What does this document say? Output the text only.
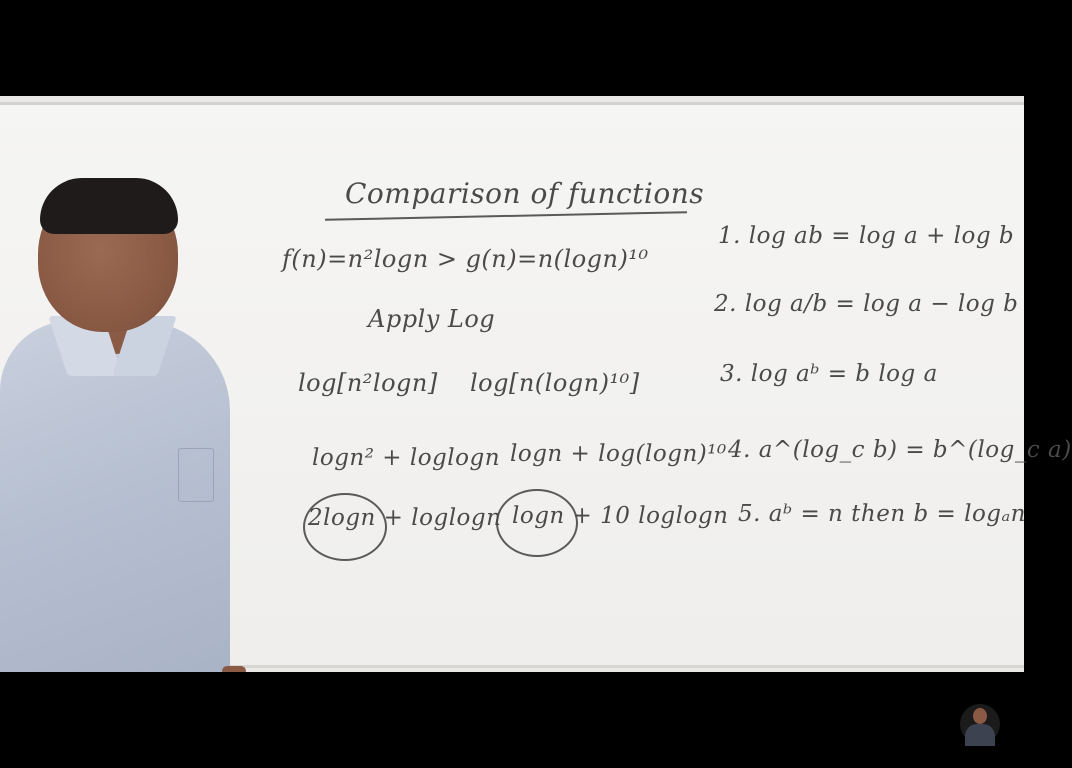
Comparison of functions
f(n)=n²logn > g(n)=n(logn)¹⁰
Apply Log
log[n²logn] log[n(logn)¹⁰]
logn² + loglogn logn + log(logn)¹⁰
2logn + loglogn logn + 10 loglogn
1. log ab = log a + log b
2. log a/b = log a − log b
3. log aᵇ = b log a
4. a^(log_c b) = b^(log_c a)
5. aᵇ = n then b = logₐn
